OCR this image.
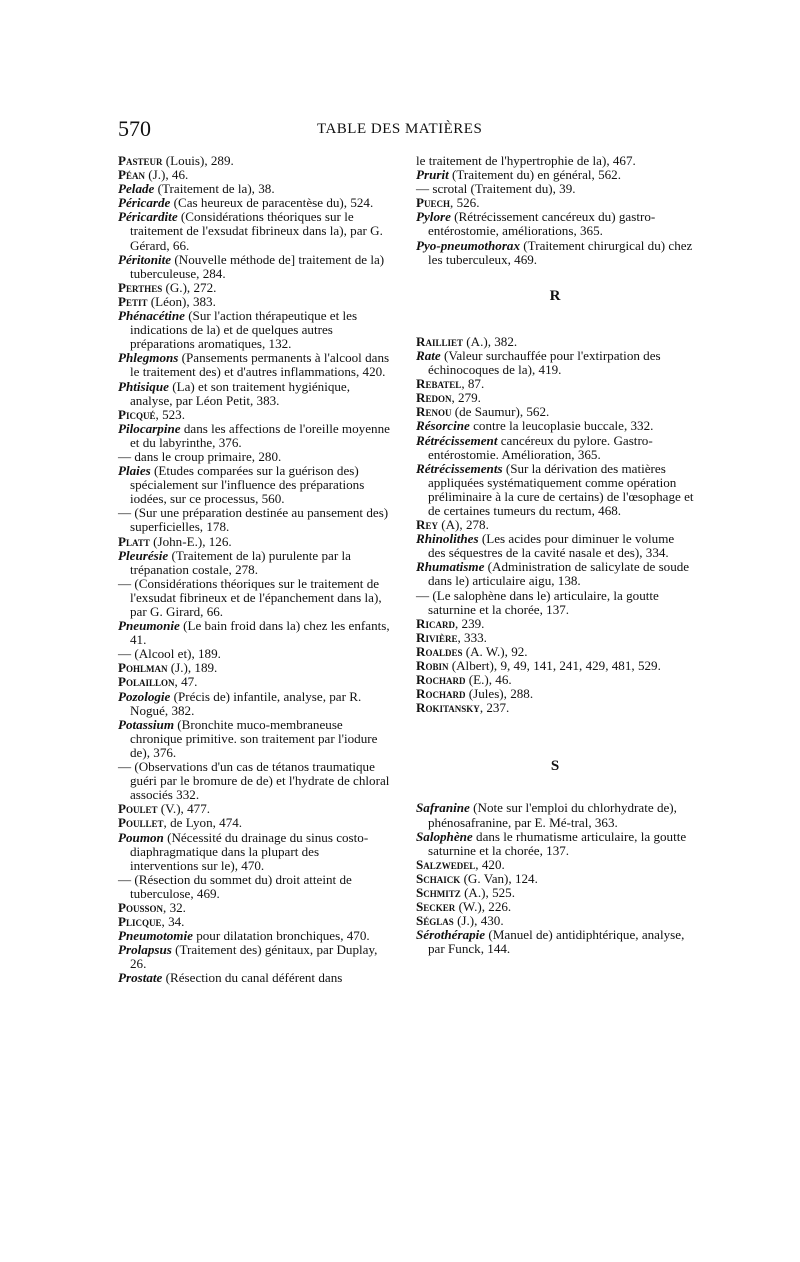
570	TABLE DES MATIÈRES
Pasteur (Louis), 289.
Péan (J.), 46.
Pelade (Traitement de la), 38.
Péricarde (Cas heureux de paracentèse du), 524.
Péricardite (Considérations théoriques sur le traitement de l'exsudat fibrineux dans la), par G. Gérard, 66.
Péritonite (Nouvelle méthode de] traitement de la) tuberculeuse, 284.
Perthes (G.), 272.
Petit (Léon), 383.
Phénacétine (Sur l'action thérapeutique et les indications de la) et de quelques autres préparations aromatiques, 132.
Phlegmons (Pansements permanents à l'alcool dans le traitement des) et d'autres inflammations, 420.
Phtisique (La) et son traitement hygiénique, analyse, par Léon Petit, 383.
Picqué, 523.
Pilocarpine dans les affections de l'oreille moyenne et du labyrinthe, 376.
— dans le croup primaire, 280.
Plaies (Etudes comparées sur la guérison des) spécialement sur l'influence des préparations iodées, sur ce processus, 560.
— (Sur une préparation destinée au pansement des) superficielles, 178.
Platt (John-E.), 126.
Pleurésie (Traitement de la) purulente par la trépanation costale, 278.
— (Considérations théoriques sur le traitement de l'exsudat fibrineux et de l'épanchement dans la), par G. Girard, 66.
Pneumonie (Le bain froid dans la) chez les enfants, 41.
— (Alcool et), 189.
Pohlman (J.), 189.
Polaillon, 47.
Pozologie (Précis de) infantile, analyse, par R. Nogué, 382.
Potassium (Bronchite muco-membraneuse chronique primitive. son traitement par l'iodure de), 376.
— (Observations d'un cas de tétanos traumatique guéri par le bromure de de) et l'hydrate de chloral associés 332.
Poulet (V.), 477.
Poullet, de Lyon, 474.
Poumon (Nécessité du drainage du sinus costo-diaphragmatique dans la plupart des interventions sur le), 470.
— (Résection du sommet du) droit atteint de tuberculose, 469.
Pousson, 32.
Plicque, 34.
Pneumotomie pour dilatation bronchiques, 470.
Prolapsus (Traitement des) génitaux, par Duplay, 26.
Prostate (Résection du canal déférent dans
le traitement de l'hypertrophie de la), 467.
Prurit (Traitement du) en général, 562.
— scrotal (Traitement du), 39.
Puech, 526.
Pylore (Rétrécissement cancéreux du) gastro-entérostomie, améliorations, 365.
Pyo-pneumothorax (Traitement chirurgical du) chez les tuberculeux, 469.
R
Railliet (A.), 382.
Rate (Valeur surchauffée pour l'extirpation des échinocoques de la), 419.
Rebatel, 87.
Redon, 279.
Renou (de Saumur), 562.
Résorcine contre la leucoplasie buccale, 332.
Rétrécissement cancéreux du pylore. Gastro-entérostomie. Amélioration, 365.
Rétrécissements (Sur la dérivation des matières appliquées systématiquement comme opération préliminaire à la cure de certains) de l'œsophage et de certaines tumeurs du rectum, 468.
Rey (A), 278.
Rhinolithes (Les acides pour diminuer le volume des séquestres de la cavité nasale et des), 334.
Rhumatisme (Administration de salicylate de soude dans le) articulaire aigu, 138.
— (Le salophène dans le) articulaire, la goutte saturnine et la chorée, 137.
Ricard, 239.
Rivière, 333.
Roaldes (A. W.), 92.
Robin (Albert), 9, 49, 141, 241, 429, 481, 529.
Rochard (E.), 46.
Rochard (Jules), 288.
Rokitansky, 237.
S
Safranine (Note sur l'emploi du chlorhydrate de), phénosafranine, par E. Mé-tral, 363.
Salophène dans le rhumatisme articulaire, la goutte saturnine et la chorée, 137.
Salzwedel, 420.
Schaick (G. Van), 124.
Schmitz (A.), 525.
Secker (W.), 226.
Séglas (J.), 430.
Sérothérapie (Manuel de) antidiphtérique, analyse, par Funck, 144.
